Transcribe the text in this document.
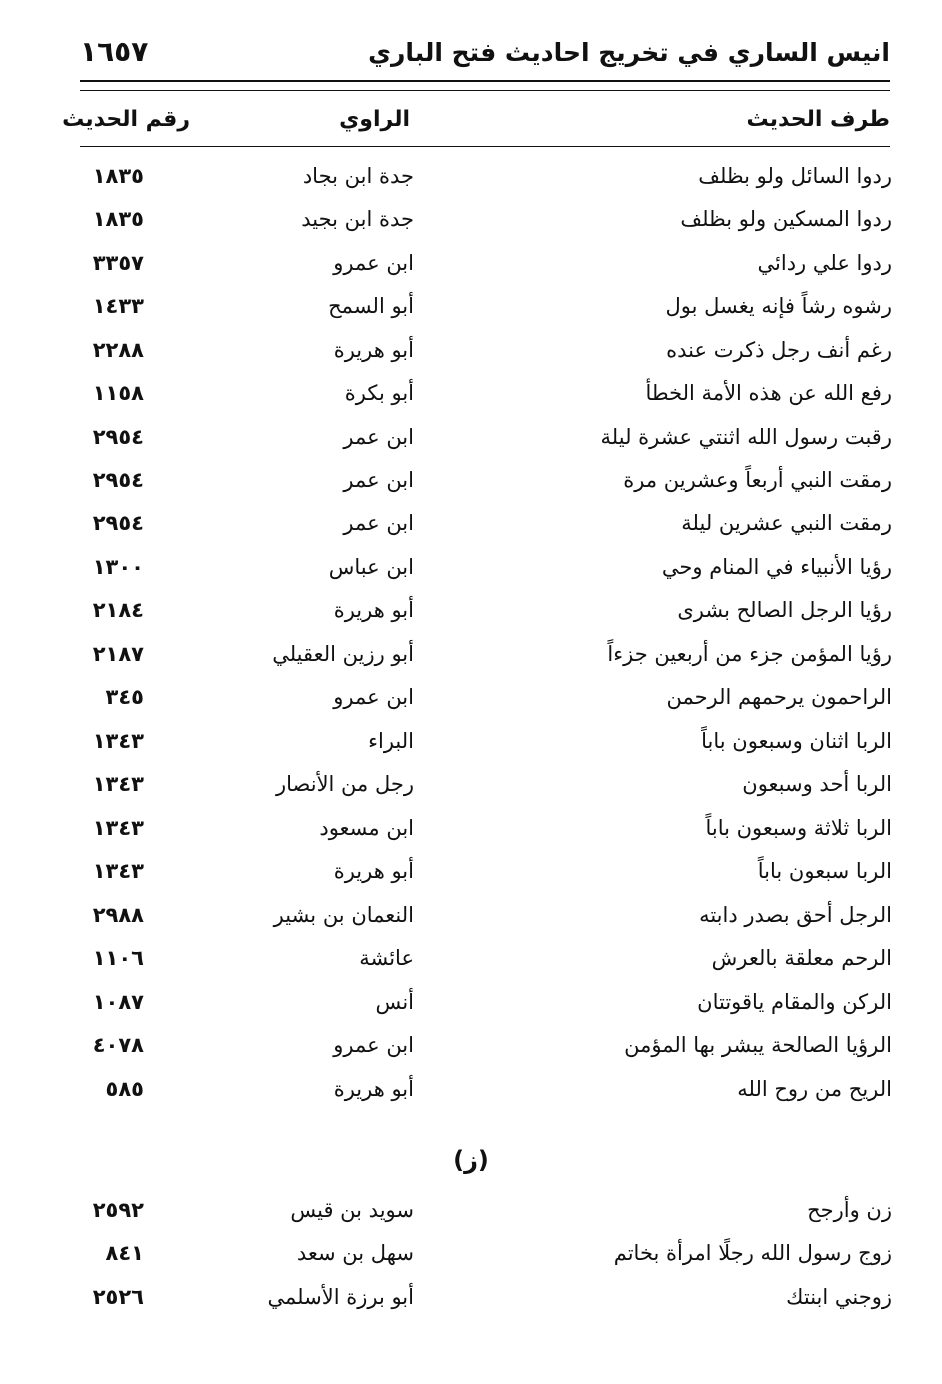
١٦٥٧	انيس الساري في تخريج احاديث فتح الباري
طرف الحديث
الراوي
رقم الحديث
ردوا السائل ولو بظلف
جدة ابن بجاد
١٨٣٥
ردوا المسكين ولو بظلف
جدة ابن بجيد
١٨٣٥
ردوا علي ردائي
ابن عمرو
٣٣٥٧
رشوه رشاً فإنه يغسل بول
أبو السمح
١٤٣٣
رغم أنف رجل ذكرت عنده
أبو هريرة
٢٢٨٨
رفع الله عن هذه الأمة الخطأ
أبو بكرة
١١٥٨
رقبت رسول الله اثنتي عشرة ليلة
ابن عمر
٢٩٥٤
رمقت النبي أربعاً وعشرين مرة
ابن عمر
٢٩٥٤
رمقت النبي عشرين ليلة
ابن عمر
٢٩٥٤
رؤيا الأنبياء في المنام وحي
ابن عباس
١٣٠٠
رؤيا الرجل الصالح بشرى
أبو هريرة
٢١٨٤
رؤيا المؤمن جزء من أربعين جزءاً
أبو رزين العقيلي
٢١٨٧
الراحمون يرحمهم الرحمن
ابن عمرو
٣٤٥
الربا اثنان وسبعون باباً
البراء
١٣٤٣
الربا أحد وسبعون
رجل من الأنصار
١٣٤٣
الربا ثلاثة وسبعون باباً
ابن مسعود
١٣٤٣
الربا سبعون باباً
أبو هريرة
١٣٤٣
الرجل أحق بصدر دابته
النعمان بن بشير
٢٩٨٨
الرحم معلقة بالعرش
عائشة
١١٠٦
الركن والمقام ياقوتتان
أنس
١٠٨٧
الرؤيا الصالحة يبشر بها المؤمن
ابن عمرو
٤٠٧٨
الريح من روح الله
أبو هريرة
٥٨٥
(ز)
زن وأرجح
سويد بن قيس
٢٥٩٢
زوج رسول الله رجلًا امرأة بخاتم
سهل بن سعد
٨٤١
زوجني ابنتك
أبو برزة الأسلمي
٢٥٢٦
